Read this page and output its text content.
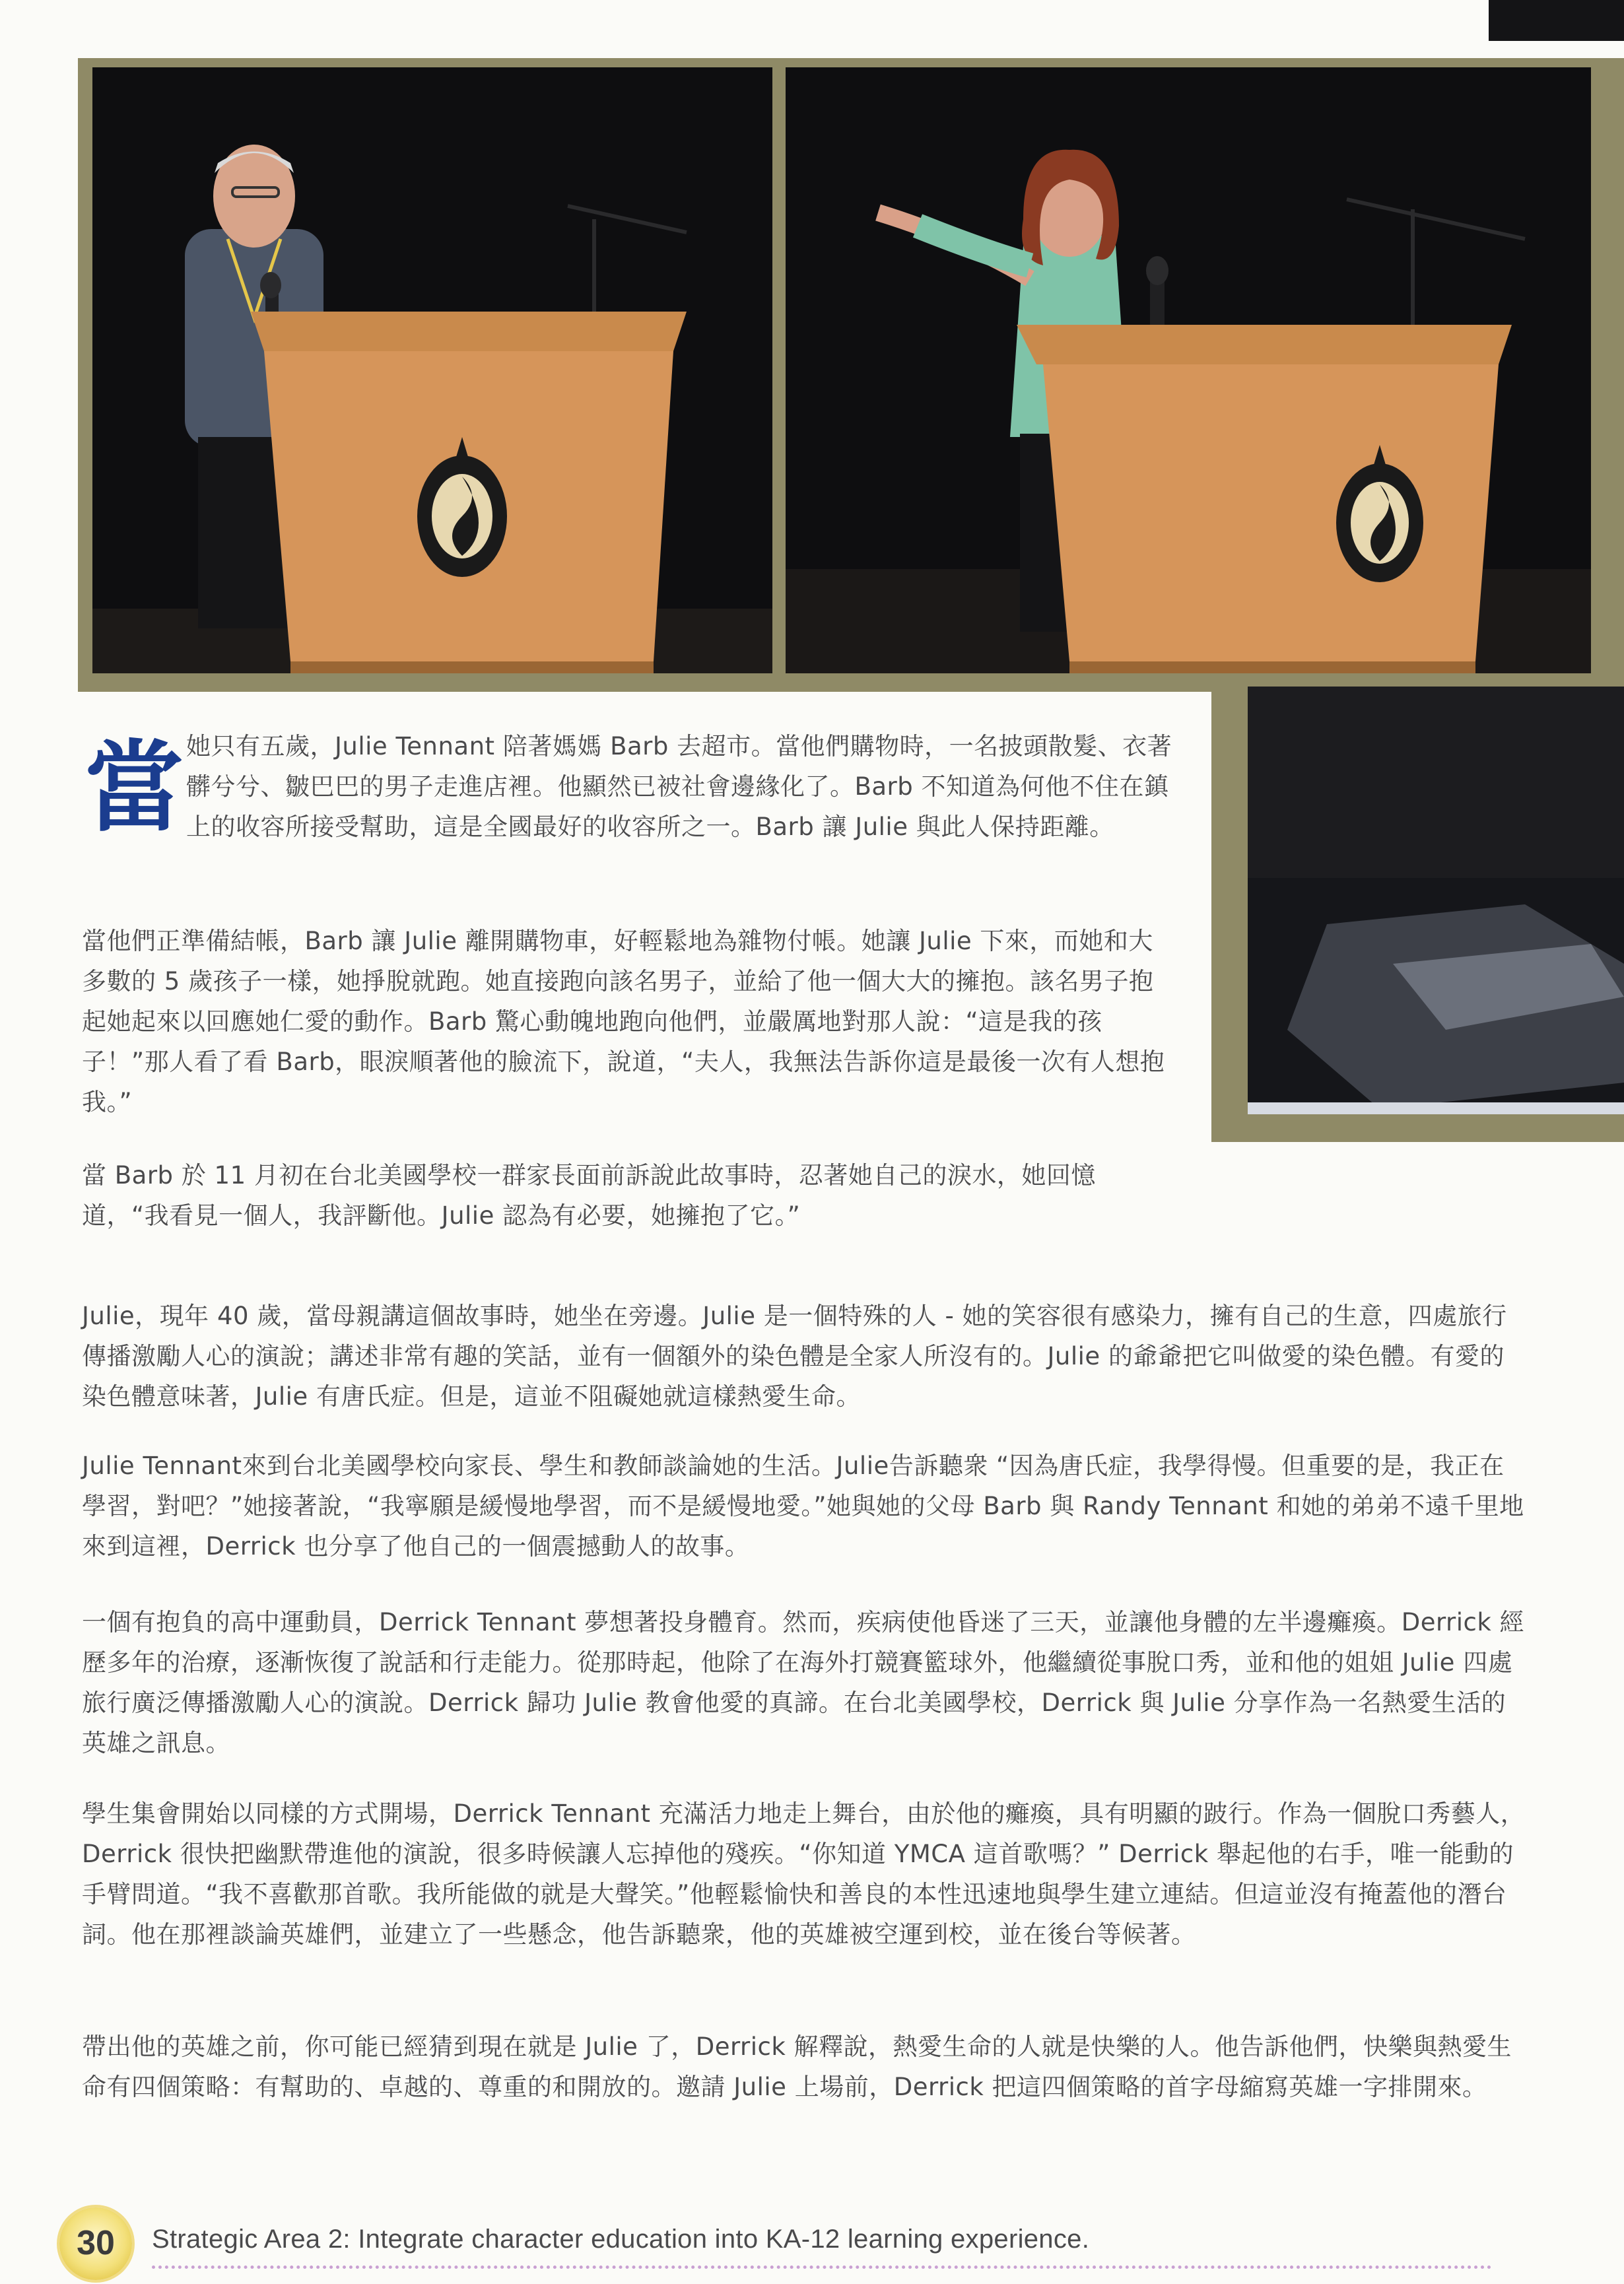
當 她只有五歲，Julie Tennant 陪著媽媽 Barb 去超市。當他們購物時，一名披頭散髮、衣著髒兮兮、皺巴巴的男子走進店裡。他顯然已被社會邊緣化了。Barb 不知道為何他不住在鎮上的收容所接受幫助，這是全國最好的收容所之一。Barb 讓 Julie 與此人保持距離。

當他們正準備結帳，Barb 讓 Julie 離開購物車，好輕鬆地為雜物付帳。她讓 Julie 下來，而她和大多數的 5 歲孩子一樣，她掙脫就跑。她直接跑向該名男子，並給了他一個大大的擁抱。該名男子抱起她起來以回應她仁愛的動作。Barb 驚心動魄地跑向他們，並嚴厲地對那人說：“這是我的孩子！”那人看了看 Barb，眼淚順著他的臉流下，說道，“夫人，我無法告訴你這是最後一次有人想抱我。”

當 Barb 於 11 月初在台北美國學校一群家長面前訴說此故事時，忍著她自己的淚水，她回憶道，“我看見一個人，我評斷他。Julie 認為有必要，她擁抱了它。”

Julie，現年 40 歲，當母親講這個故事時，她坐在旁邊。Julie 是一個特殊的人 - 她的笑容很有感染力，擁有自己的生意，四處旅行傳播激勵人心的演說；講述非常有趣的笑話，並有一個額外的染色體是全家人所沒有的。Julie 的爺爺把它叫做愛的染色體。有愛的染色體意味著，Julie 有唐氏症。但是，這並不阻礙她就這樣熱愛生命。

Julie Tennant來到台北美國學校向家長、學生和教師談論她的生活。Julie告訴聽衆 “因為唐氏症，我學得慢。但重要的是，我正在學習，對吧？”她接著說，“我寧願是緩慢地學習，而不是緩慢地愛。”她與她的父母 Barb 與 Randy Tennant 和她的弟弟不遠千里地來到這裡，Derrick 也分享了他自己的一個震撼動人的故事。

一個有抱負的高中運動員，Derrick Tennant 夢想著投身體育。然而，疾病使他昏迷了三天，並讓他身體的左半邊癱瘓。Derrick 經歷多年的治療，逐漸恢復了說話和行走能力。從那時起，他除了在海外打競賽籃球外，他繼續從事脫口秀，並和他的姐姐 Julie 四處旅行廣泛傳播激勵人心的演說。Derrick 歸功 Julie 教會他愛的真諦。在台北美國學校，Derrick 與 Julie 分享作為一名熱愛生活的英雄之訊息。

學生集會開始以同樣的方式開場，Derrick Tennant 充滿活力地走上舞台，由於他的癱瘓，具有明顯的跛行。作為一個脫口秀藝人， Derrick 很快把幽默帶進他的演說，很多時候讓人忘掉他的殘疾。“你知道 YMCA 這首歌嗎？” Derrick 舉起他的右手，唯一能動的手臂問道。“我不喜歡那首歌。我所能做的就是大聲笑。”他輕鬆愉快和善良的本性迅速地與學生建立連結。但這並沒有掩蓋他的潛台詞。他在那裡談論英雄們，並建立了一些懸念，他告訴聽衆，他的英雄被空運到校，並在後台等候著。

帶出他的英雄之前，你可能已經猜到現在就是 Julie 了，Derrick 解釋說，熱愛生命的人就是快樂的人。他告訴他們，快樂與熱愛生命有四個策略：有幫助的、卓越的、尊重的和開放的。邀請 Julie 上場前，Derrick 把這四個策略的首字母縮寫英雄一字排開來。

30	Strategic Area 2: Integrate character education into KA-12 learning experience.
